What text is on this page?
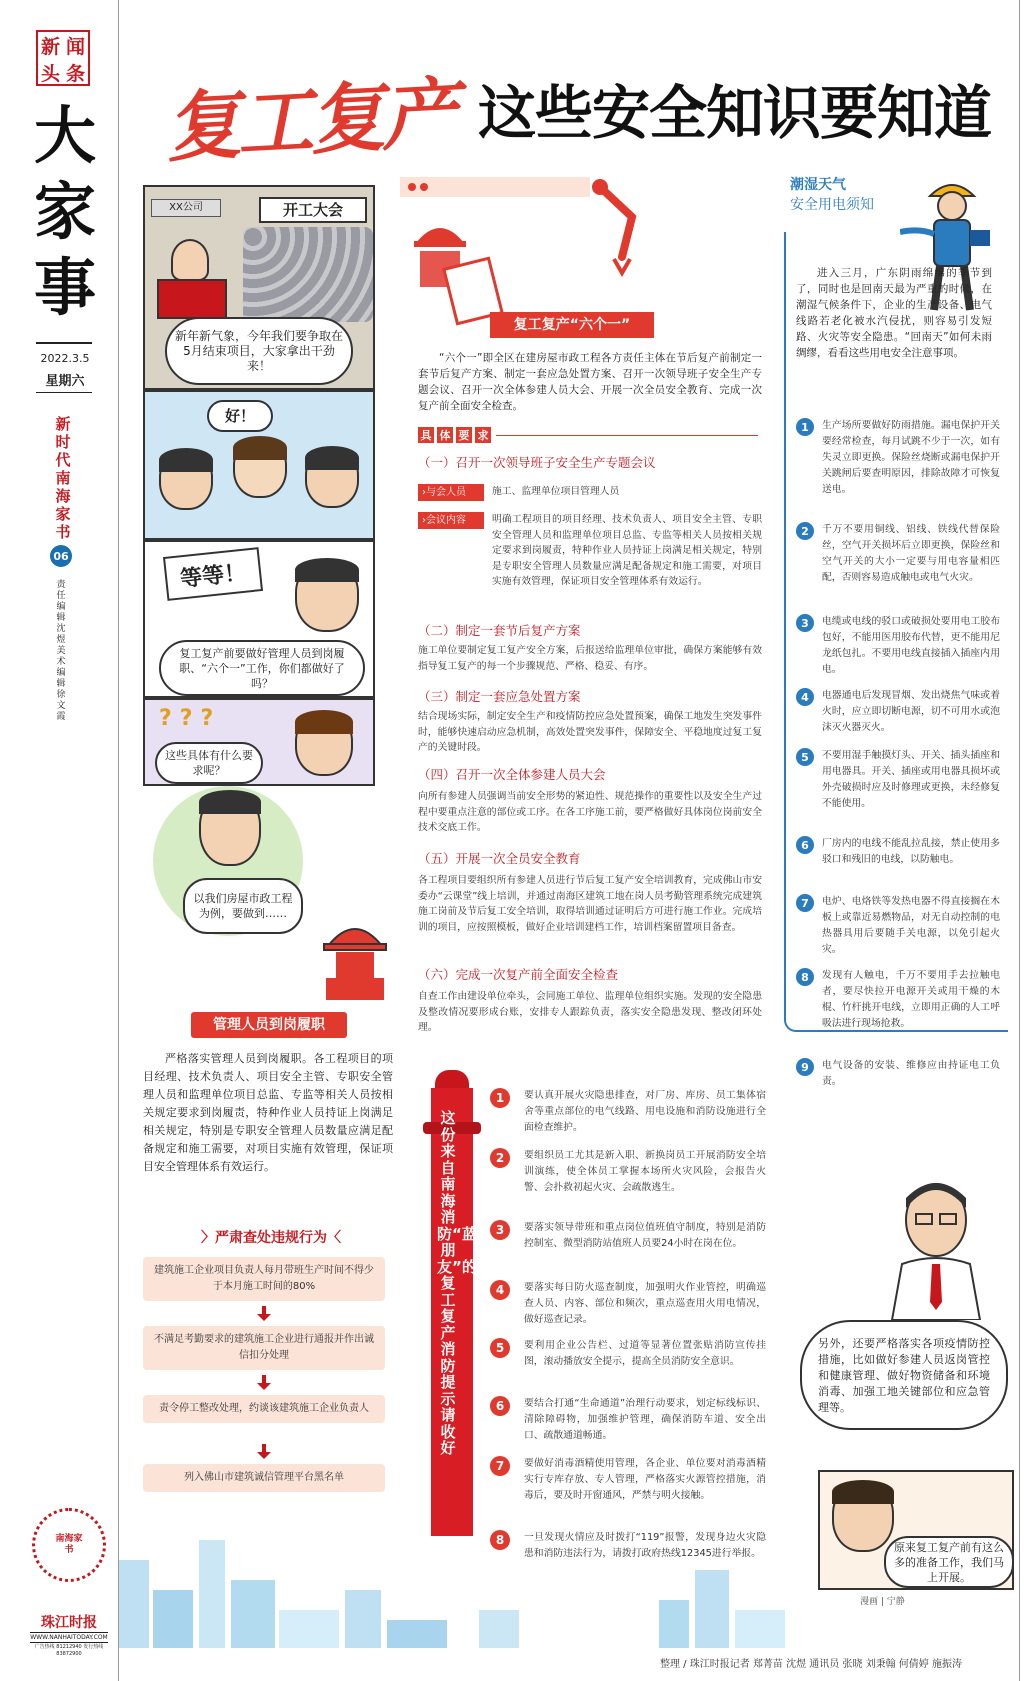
新 闻
头 条
大
家
事
2022.3.5
星期六
新时代南海家书
06
责任编辑 沈煜 美术编辑 徐文霞
南海家书
珠江时报
WWW.NANHAITODAY.COM
广告热线 81212940 发行热线 83872900
复工复产 这些安全知识要知道
XX公司	开工大会
新年新气象，今年我们要争取在5月结束项目，大家拿出干劲来！
好！
等等！
复工复产前要做好管理人员到岗履职、“六个一”工作，你们都做好了吗？
???
这些具体有什么要求呢？
以我们房屋市政工程为例，要做到……
管理人员到岗履职
严格落实管理人员到岗履职。各工程项目的项目经理、技术负责人、项目安全主管、专职安全管理人员和监理单位项目总监、专监等相关人员按相关规定要求到岗履责，特种作业人员持证上岗满足相关规定，特别是专职安全管理人员数量应满足配备规定和施工需要，对项目实施有效管理，保证项目安全管理体系有效运行。
〉严肃查处违规行为〈
建筑施工企业项目负责人每月带班生产时间不得少于本月施工时间的80%
不满足考勤要求的建筑施工企业进行通报并作出诚信扣分处理
责令停工整改处理，约谈该建筑施工企业负责人
列入佛山市建筑诚信管理平台黑名单
复工复产“六个一”
“六个一”即全区在建房屋市政工程各方责任主体在节后复产前制定一套节后复产方案、制定一套应急处置方案、召开一次领导班子安全生产专题会议、召开一次全体参建人员大会、开展一次全员安全教育、完成一次复产前全面安全检查。
具 体 要 求
（一）召开一次领导班子安全生产专题会议
›与会人员	施工、监理单位项目管理人员
›会议内容	明确工程项目的项目经理、技术负责人、项目安全主管、专职安全管理人员和监理单位项目总监、专监等相关人员按相关规定要求到岗履责，特种作业人员持证上岗满足相关规定，特别是专职安全管理人员数量应满足配备规定和施工需要，对项目实施有效管理，保证项目安全管理体系有效运行。
（二）制定一套节后复产方案
施工单位要制定复工复产安全方案，后报送给监理单位审批，确保方案能够有效指导复工复产的每一个步骤规范、严格、稳妥、有序。
（三）制定一套应急处置方案
结合现场实际，制定安全生产和疫情防控应急处置预案，确保工地发生突发事件时，能够快速启动应急机制，高效处置突发事件，保障安全、平稳地度过复工复产的关键时段。
（四）召开一次全体参建人员大会
向所有参建人员强调当前安全形势的紧迫性、规范操作的重要性以及安全生产过程中要重点注意的部位或工序。在各工序施工前，要严格做好具体岗位岗前安全技术交底工作。
（五）开展一次全员安全教育
各工程项目要组织所有参建人员进行节后复工复产安全培训教育，完成佛山市安委办“云课堂”线上培训，并通过南海区建筑工地在岗人员考勤管理系统完成建筑施工岗前及节后复工安全培训，取得培训通过证明后方可进行施工作业。完成培训的项目，应按照模板，做好企业培训建档工作，培训档案留置项目备查。
（六）完成一次复产前全面安全检查
自查工作由建设单位牵头，会同施工单位、监理单位组织实施。发现的安全隐患及整改情况要形成台账，安排专人跟踪负责，落实安全隐患发现、整改闭环处理。
这份来自南海消防“蓝朋友”的复工复产消防提示请收好
1	要认真开展火灾隐患排查，对厂房、库房、员工集体宿舍等重点部位的电气线路、用电设施和消防设施进行全面检查维护。
2	要组织员工尤其是新入职、新换岗员工开展消防安全培训演练，使全体员工掌握本场所火灾风险，会报告火警、会扑救初起火灾、会疏散逃生。
3	要落实领导带班和重点岗位值班值守制度，特别是消防控制室、微型消防站值班人员要24小时在岗在位。
4	要落实每日防火巡查制度，加强明火作业管控，明确巡查人员、内容、部位和频次，重点巡查用火用电情况，做好巡查记录。
5	要利用企业公告栏、过道等显著位置张贴消防宣传挂图，滚动播放安全提示，提高全员消防安全意识。
6	要结合打通“生命通道”治理行动要求，划定标线标识、清除障碍物，加强维护管理，确保消防车道、安全出口、疏散通道畅通。
7	要做好消毒酒精使用管理，各企业、单位要对消毒酒精实行专库存放、专人管理，严格落实火源管控措施，消毒后，要及时开窗通风，严禁与明火接触。
8	一旦发现火情应及时拨打“119”报警，发现身边火灾隐患和消防违法行为，请拨打政府热线12345进行举报。
潮湿天气
安全用电须知
进入三月，广东阴雨绵绵的季节到了，同时也是回南天最为严重的时候，在潮湿气候条件下，企业的生产设备、电气线路若老化被水汽侵扰，则容易引发短路、火灾等安全隐患。“回南天”如何未雨绸缪，看看这些用电安全注意事项。
1	生产场所要做好防雨措施。漏电保护开关要经常检查，每月试跳不少于一次，如有失灵立即更换。保险丝烧断或漏电保护开关跳闸后要查明原因，排除故障才可恢复送电。
2	千万不要用铜线、铝线、铁线代替保险丝，空气开关损坏后立即更换，保险丝和空气开关的大小一定要与用电容量相匹配，否则容易造成触电或电气火灾。
3	电缆或电线的驳口或破损处要用电工胶布包好，不能用医用胶布代替，更不能用尼龙纸包扎。不要用电线直接插入插座内用电。
4	电器通电后发现冒烟、发出烧焦气味或着火时，应立即切断电源，切不可用水或泡沫灭火器灭火。
5	不要用湿手触摸灯头、开关、插头插座和用电器具。开关、插座或用电器具损坏或外壳破损时应及时修理或更换，未经修复不能使用。
6	厂房内的电线不能乱拉乱接，禁止使用多驳口和残旧的电线，以防触电。
7	电炉、电烙铁等发热电器不得直接搁在木板上或靠近易燃物品，对无自动控制的电热器具用后要随手关电源，以免引起火灾。
8	发现有人触电，千万不要用手去拉触电者，要尽快拉开电源开关或用干燥的木棍、竹杆挑开电线，立即用正确的人工呼吸法进行现场抢救。
9	电气设备的安装、维修应由持证电工负责。
另外，还要严格落实各项疫情防控措施，比如做好参建人员返岗管控和健康管理、做好物资储备和环境消毒、加强工地关键部位和应急管理等。
原来复工复产前有这么多的准备工作，我们马上开展。
漫画 | 宁静
整理 / 珠江时报记者 郑菁苗 沈煜 通讯员 张晓 刘秉翰 何倩婷 施振涛
